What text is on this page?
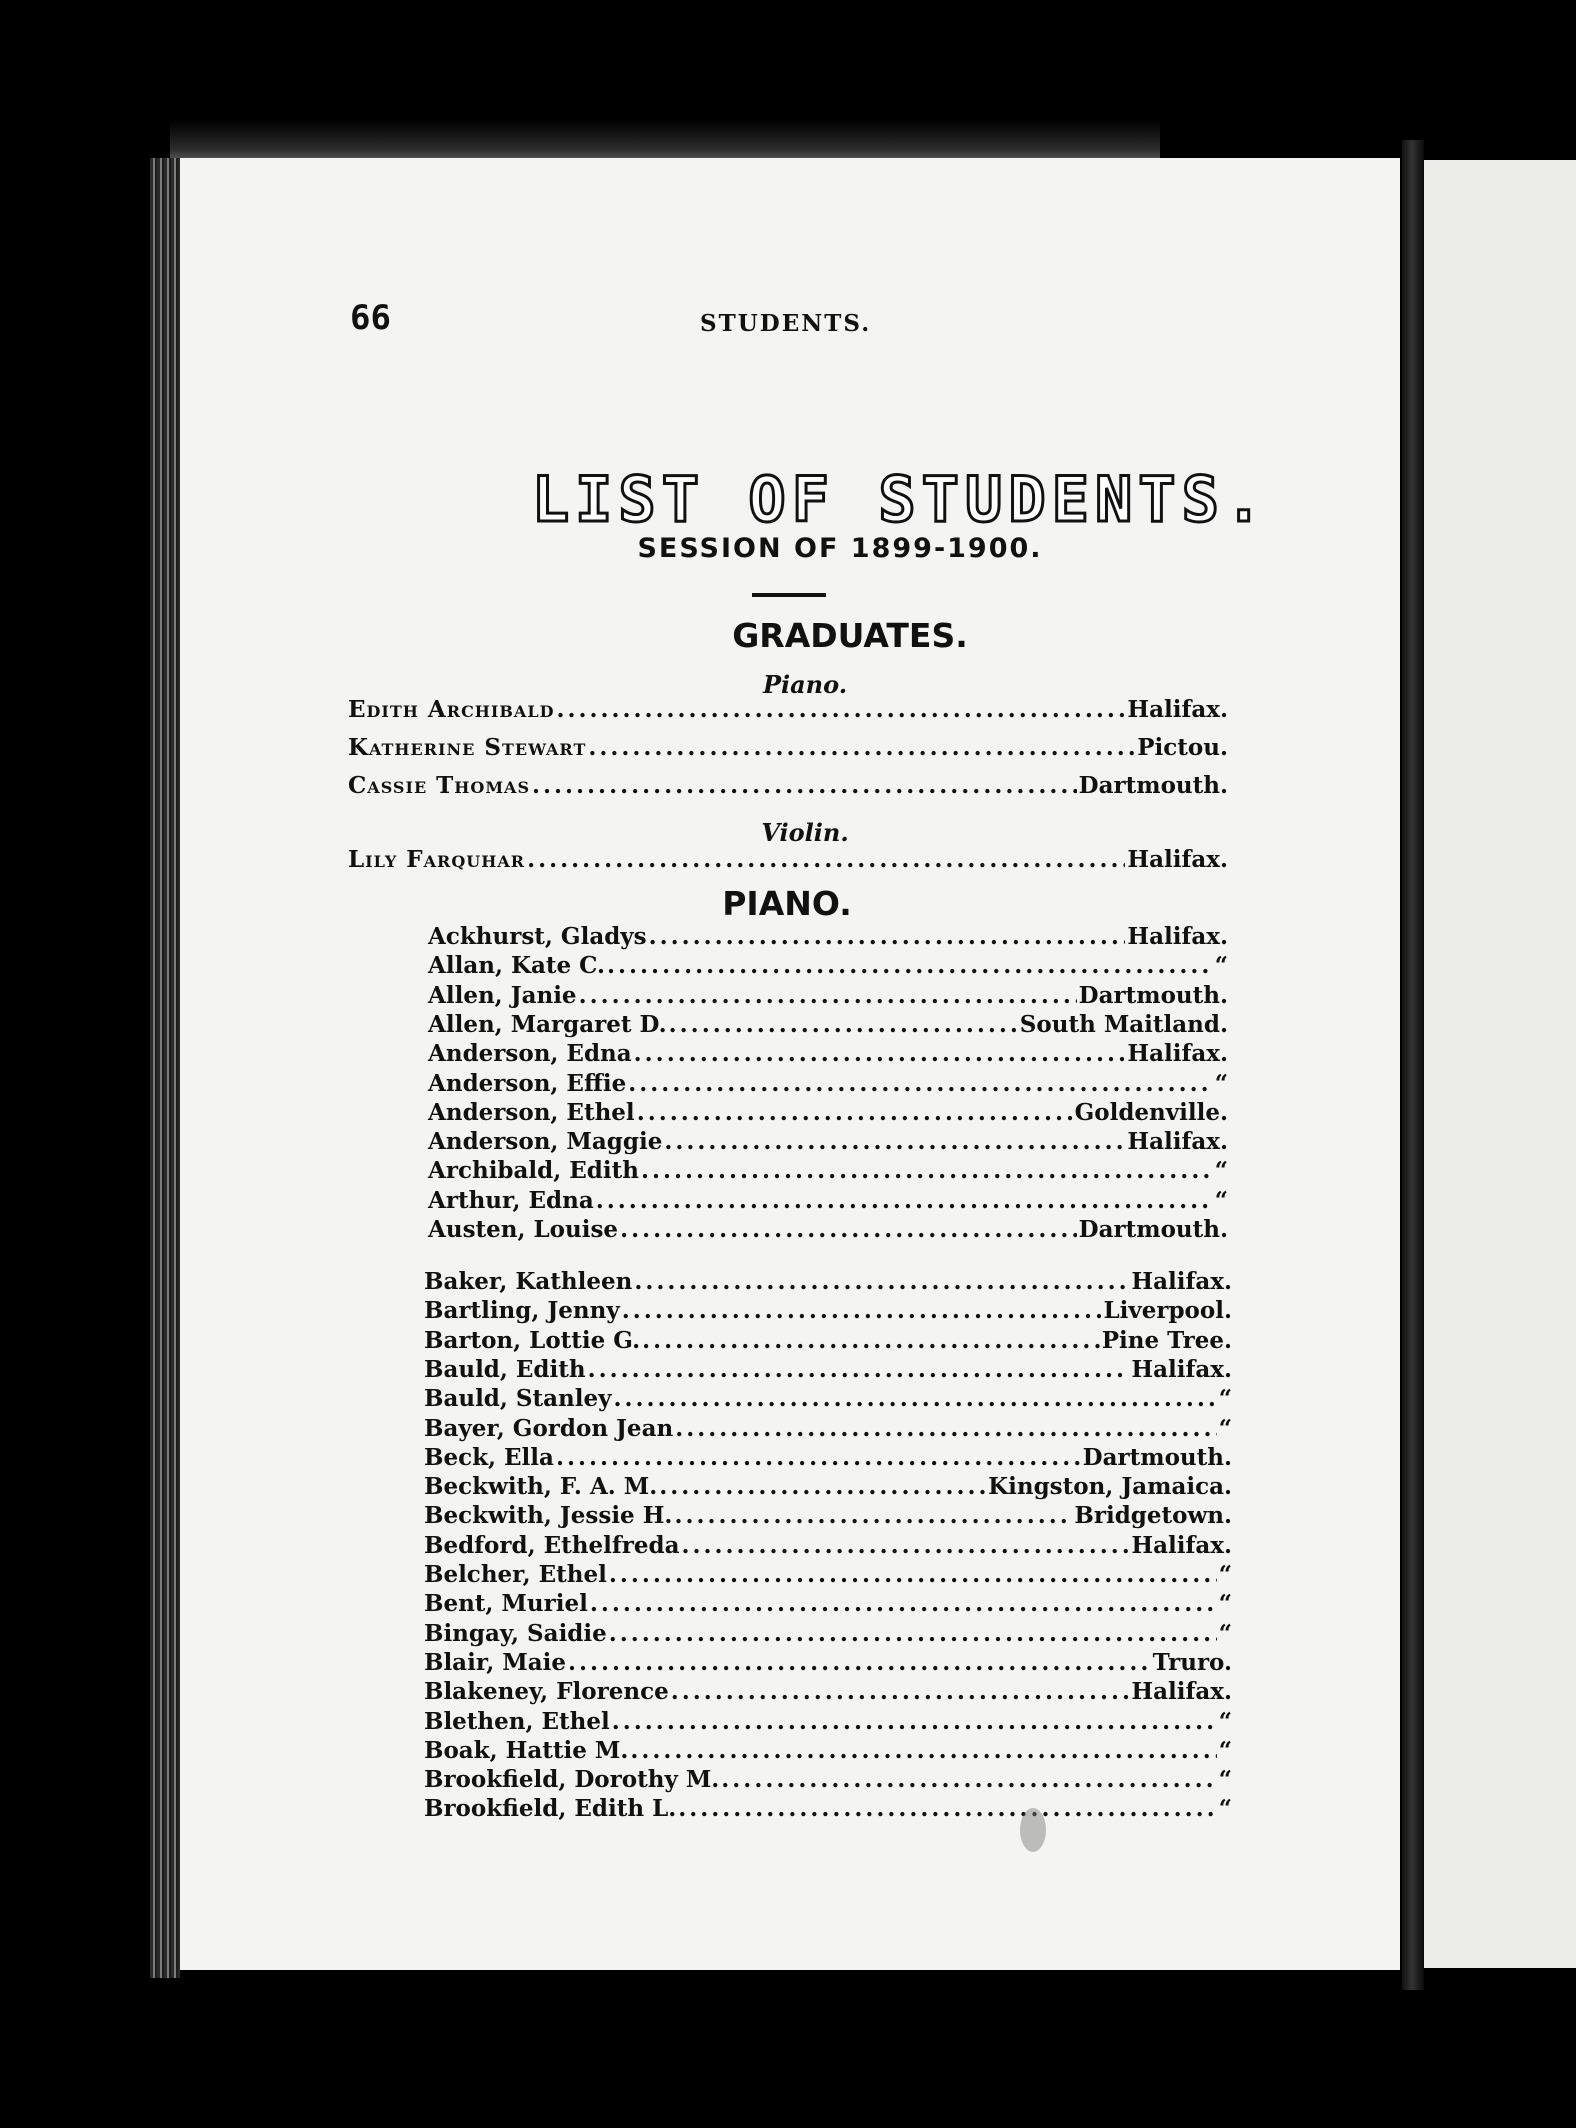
66	STUDENTS.
LIST OF STUDENTS.
SESSION OF 1899-1900.
GRADUATES.
Piano.
Edith Archibald .....	Halifax.
Katherine Stewart .....	Pictou.
Cassie Thomas .....	Dartmouth.
Violin.
Lily Farquhar .....	Halifax.
PIANO.
Ackhurst, Gladys .....	Halifax.
Allan, Kate C. .....	“
Allen, Janie .....	Dartmouth.
Allen, Margaret D. .....	South Maitland.
Anderson, Edna .....	Halifax.
Anderson, Effie .....	“
Anderson, Ethel .....	Goldenville.
Anderson, Maggie .....	Halifax.
Archibald, Edith .....	“
Arthur, Edna .....	“
Austen, Louise .....	Dartmouth.
Baker, Kathleen .....	Halifax.
Bartling, Jenny .....	Liverpool.
Barton, Lottie G. .....	Pine Tree.
Bauld, Edith .....	Halifax.
Bauld, Stanley .....	“
Bayer, Gordon Jean .....	“
Beck, Ella .....	Dartmouth.
Beckwith, F. A. M. .....	Kingston, Jamaica.
Beckwith, Jessie H. .....	Bridgetown.
Bedford, Ethelfreda .....	Halifax.
Belcher, Ethel .....	“
Bent, Muriel .....	“
Bingay, Saidie .....	“
Blair, Maie .....	Truro.
Blakeney, Florence .....	Halifax.
Blethen, Ethel .....	“
Boak, Hattie M. .....	“
Brookfield, Dorothy M. .....	“
Brookfield, Edith L. .....	“
